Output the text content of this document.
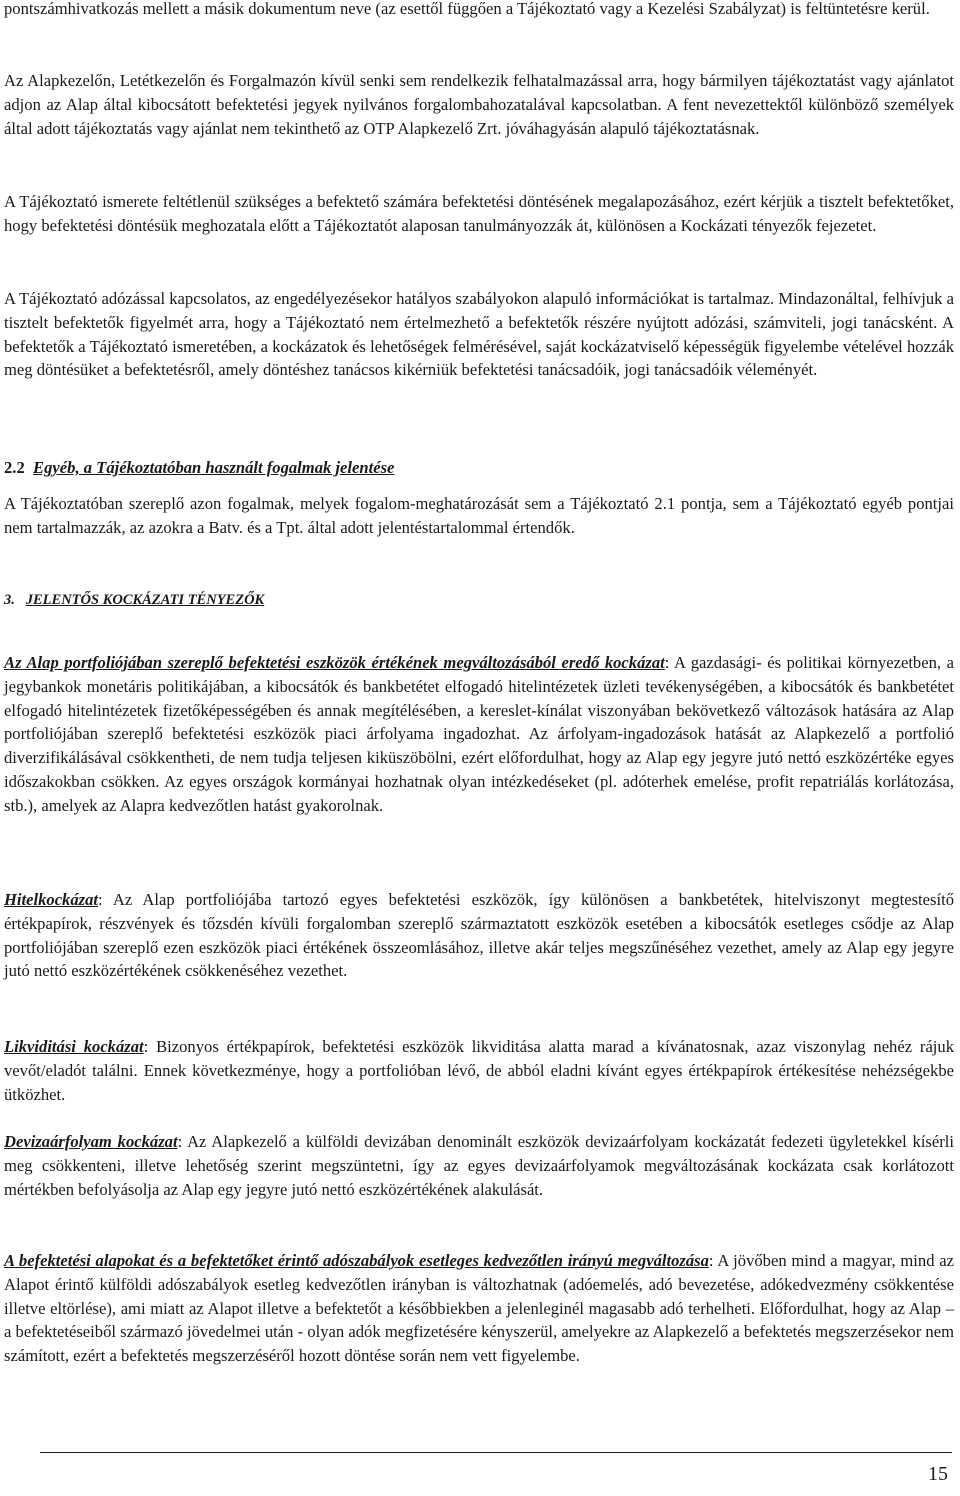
pontszámhivatkozás mellett a másik dokumentum neve (az esettől függően a Tájékoztató vagy a Kezelési Szabályzat) is feltüntetésre kerül.

Az Alapkezelőn, Letétkezelőn és Forgalmazón kívül senki sem rendelkezik felhatalmazással arra, hogy bármilyen tájékoztatást vagy ajánlatot adjon az Alap által kibocsátott befektetési jegyek nyilvános forgalombahozatalával kapcsolatban. A fent nevezettektől különböző személyek által adott tájékoztatás vagy ajánlat nem tekinthető az OTP Alapkezelő Zrt. jóváhagyásán alapuló tájékoztatásnak.

A Tájékoztató ismerete feltétlenül szükséges a befektető számára befektetési döntésének megalapozásához, ezért kérjük a tisztelt befektetőket, hogy befektetési döntésük meghozatala előtt a Tájékoztatót alaposan tanulmányozzák át, különösen a Kockázati tényezők fejezetet.

A Tájékoztató adózással kapcsolatos, az engedélyezésekor hatályos szabályokon alapuló információkat is tartalmaz. Mindazonáltal, felhívjuk a tisztelt befektetők figyelmét arra, hogy a Tájékoztató nem értelmezhető a befektetők részére nyújtott adózási, számviteli, jogi tanácsként. A befektetők a Tájékoztató ismeretében, a kockázatok és lehetőségek felmérésével, saját kockázatviselő képességük figyelembe vételével hozzák meg döntésüket a befektetésről, amely döntéshez tanácsos kikérniük befektetési tanácsadóik, jogi tanácsadóik véleményét.

2.2 Egyéb, a Tájékoztatóban használt fogalmak jelentése

A Tájékoztatóban szereplő azon fogalmak, melyek fogalom-meghatározását sem a Tájékoztató 2.1 pontja, sem a Tájékoztató egyéb pontjai nem tartalmazzák, az azokra a Batv. és a Tpt. által adott jelentéstartalommal értendők.

3. JELENTŐS KOCKÁZATI TÉNYEZŐK

Az Alap portfoliójában szereplő befektetési eszközök értékének megváltozásából eredő kockázat: A gazdasági- és politikai környezetben, a jegybankok monetáris politikájában, a kibocsátók és bankbetétet elfogadó hitelintézetek üzleti tevékenységében, a kibocsátók és bankbetétet elfogadó hitelintézetek fizetőképességében és annak megítélésében, a kereslet-kínálat viszonyában bekövetkező változások hatására az Alap portfoliójában szereplő befektetési eszközök piaci árfolyama ingadozhat. Az árfolyam-ingadozások hatását az Alapkezelő a portfolió diverzifikálásával csökkentheti, de nem tudja teljesen kiküszöbölni, ezért előfordulhat, hogy az Alap egy jegyre jutó nettó eszközértéke egyes időszakokban csökken. Az egyes országok kormányai hozhatnak olyan intézkedéseket (pl. adóterhek emelése, profit repatriálás korlátozása, stb.), amelyek az Alapra kedvezőtlen hatást gyakorolnak.

Hitelkockázat: Az Alap portfoliójába tartozó egyes befektetési eszközök, így különösen a bankbetétek, hitelviszonyt megtestesítő értékpapírok, részvények és tőzsdén kívüli forgalomban szereplő származtatott eszközök esetében a kibocsátók esetleges csődje az Alap portfoliójában szereplő ezen eszközök piaci értékének összeomlásához, illetve akár teljes megszűnéséhez vezethet, amely az Alap egy jegyre jutó nettó eszközértékének csökkenéséhez vezethet.

Likviditási kockázat: Bizonyos értékpapírok, befektetési eszközök likviditása alatta marad a kívánatosnak, azaz viszonylag nehéz rájuk vevőt/eladót találni. Ennek következménye, hogy a portfolióban lévő, de abból eladni kívánt egyes értékpapírok értékesítése nehézségekbe ütközhet.

Devizaárfolyam kockázat: Az Alapkezelő a külföldi devizában denominált eszközök devizaárfolyam kockázatát fedezeti ügyletekkel kísérli meg csökkenteni, illetve lehetőség szerint megszüntetni, így az egyes devizaárfolyamok megváltozásának kockázata csak korlátozott mértékben befolyásolja az Alap egy jegyre jutó nettó eszközértékének alakulását.

A befektetési alapokat és a befektetőket érintő adószabályok esetleges kedvezőtlen irányú megváltozása: A jövőben mind a magyar, mind az Alapot érintő külföldi adószabályok esetleg kedvezőtlen irányban is változhatnak (adóemelés, adó bevezetése, adókedvezmény csökkentése illetve eltörlése), ami miatt az Alapot illetve a befektetőt a későbbiekben a jelenleginél magasabb adó terhelheti. Előfordulhat, hogy az Alap – a befektetéseiből származó jövedelmei után - olyan adók megfizetésére kényszerül, amelyekre az Alapkezelő a befektetés megszerzésekor nem számított, ezért a befektetés megszerzéséről hozott döntése során nem vett figyelembe.

15
